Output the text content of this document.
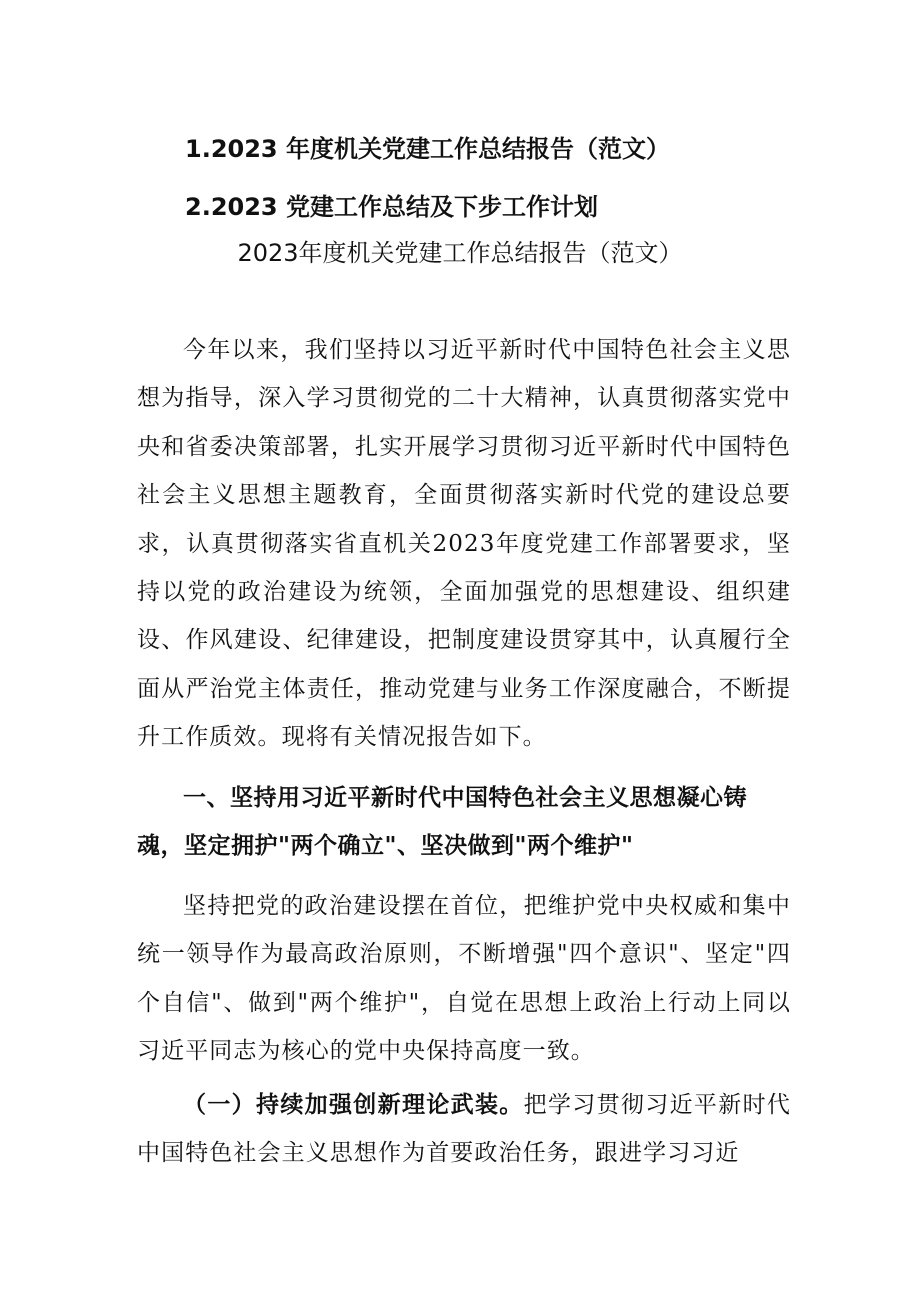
1.2023 年度机关党建工作总结报告（范文）
2.2023 党建工作总结及下步工作计划
2023年度机关党建工作总结报告（范文）

今年以来，我们坚持以习近平新时代中国特色社会主义思想为指导，深入学习贯彻党的二十大精神，认真贯彻落实党中央和省委决策部署，扎实开展学习贯彻习近平新时代中国特色社会主义思想主题教育，全面贯彻落实新时代党的建设总要求，认真贯彻落实省直机关2023年度党建工作部署要求，坚持以党的政治建设为统领，全面加强党的思想建设、组织建设、作风建设、纪律建设，把制度建设贯穿其中，认真履行全面从严治党主体责任，推动党建与业务工作深度融合，不断提升工作质效。现将有关情况报告如下。

一、坚持用习近平新时代中国特色社会主义思想凝心铸魂，坚定拥护"两个确立"、坚决做到"两个维护"

坚持把党的政治建设摆在首位，把维护党中央权威和集中统一领导作为最高政治原则，不断增强"四个意识"、坚定"四个自信"、做到"两个维护"，自觉在思想上政治上行动上同以习近平同志为核心的党中央保持高度一致。

（一）持续加强创新理论武装。把学习贯彻习近平新时代中国特色社会主义思想作为首要政治任务，跟进学习习近
